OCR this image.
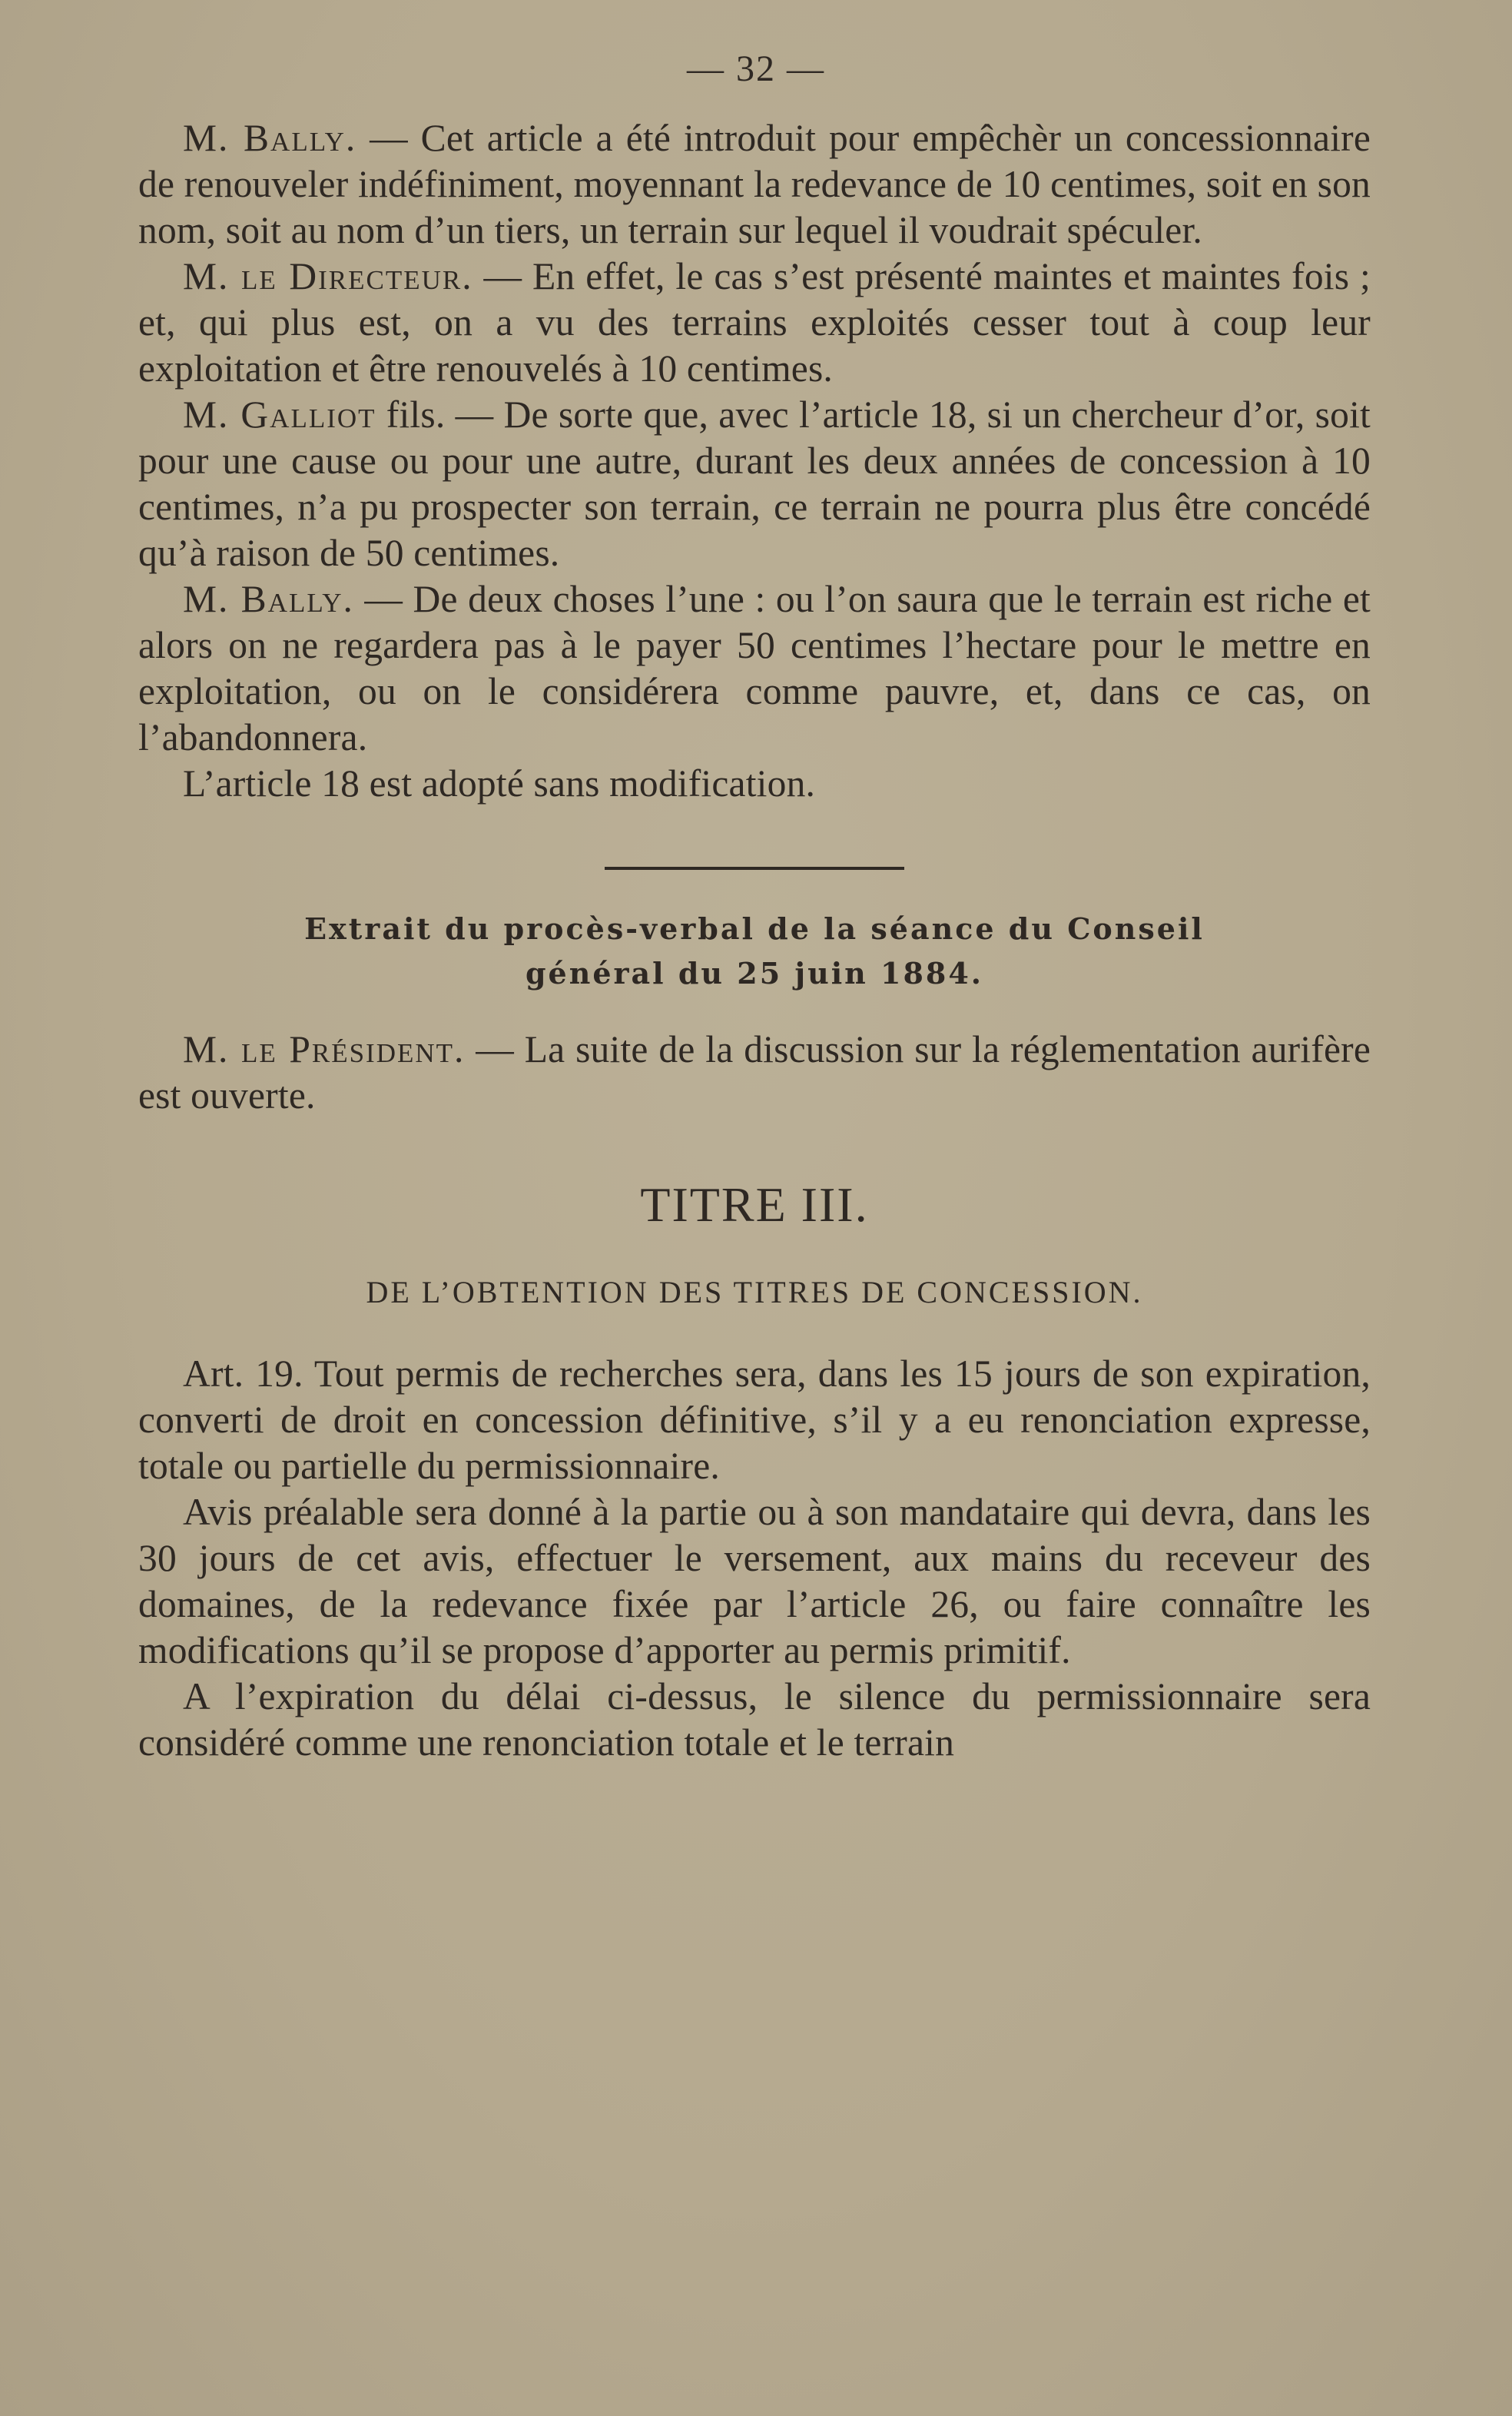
— 32 —

M. Bally. — Cet article a été introduit pour empêchèr un concessionnaire de renouveler indéfiniment, moyennant la redevance de 10 centimes, soit en son nom, soit au nom d’un tiers, un terrain sur lequel il voudrait spéculer.

M. le Directeur. — En effet, le cas s’est présenté maintes et maintes fois ; et, qui plus est, on a vu des terrains exploités cesser tout à coup leur exploitation et être renouvelés à 10 centimes.

M. Galliot fils. — De sorte que, avec l’article 18, si un chercheur d’or, soit pour une cause ou pour une autre, durant les deux années de concession à 10 centimes, n’a pu prospecter son terrain, ce terrain ne pourra plus être concédé qu’à raison de 50 centimes.

M. Bally. — De deux choses l’une : ou l’on saura que le terrain est riche et alors on ne regardera pas à le payer 50 centimes l’hectare pour le mettre en exploitation, ou on le considérera comme pauvre, et, dans ce cas, on l’abandonnera.

L’article 18 est adopté sans modification.

Extrait du procès-verbal de la séance du Conseil
général du 25 juin 1884.

M. le Président. — La suite de la discussion sur la réglementation aurifère est ouverte.

TITRE III.
DE L’OBTENTION DES TITRES DE CONCESSION.

Art. 19. Tout permis de recherches sera, dans les 15 jours de son expiration, converti de droit en concession définitive, s’il y a eu renonciation expresse, totale ou partielle du permissionnaire.

Avis préalable sera donné à la partie ou à son mandataire qui devra, dans les 30 jours de cet avis, effectuer le versement, aux mains du receveur des domaines, de la redevance fixée par l’article 26, ou faire connaître les modifications qu’il se propose d’apporter au permis primitif.

A l’expiration du délai ci-dessus, le silence du permissionnaire sera considéré comme une renonciation totale et le terrain
